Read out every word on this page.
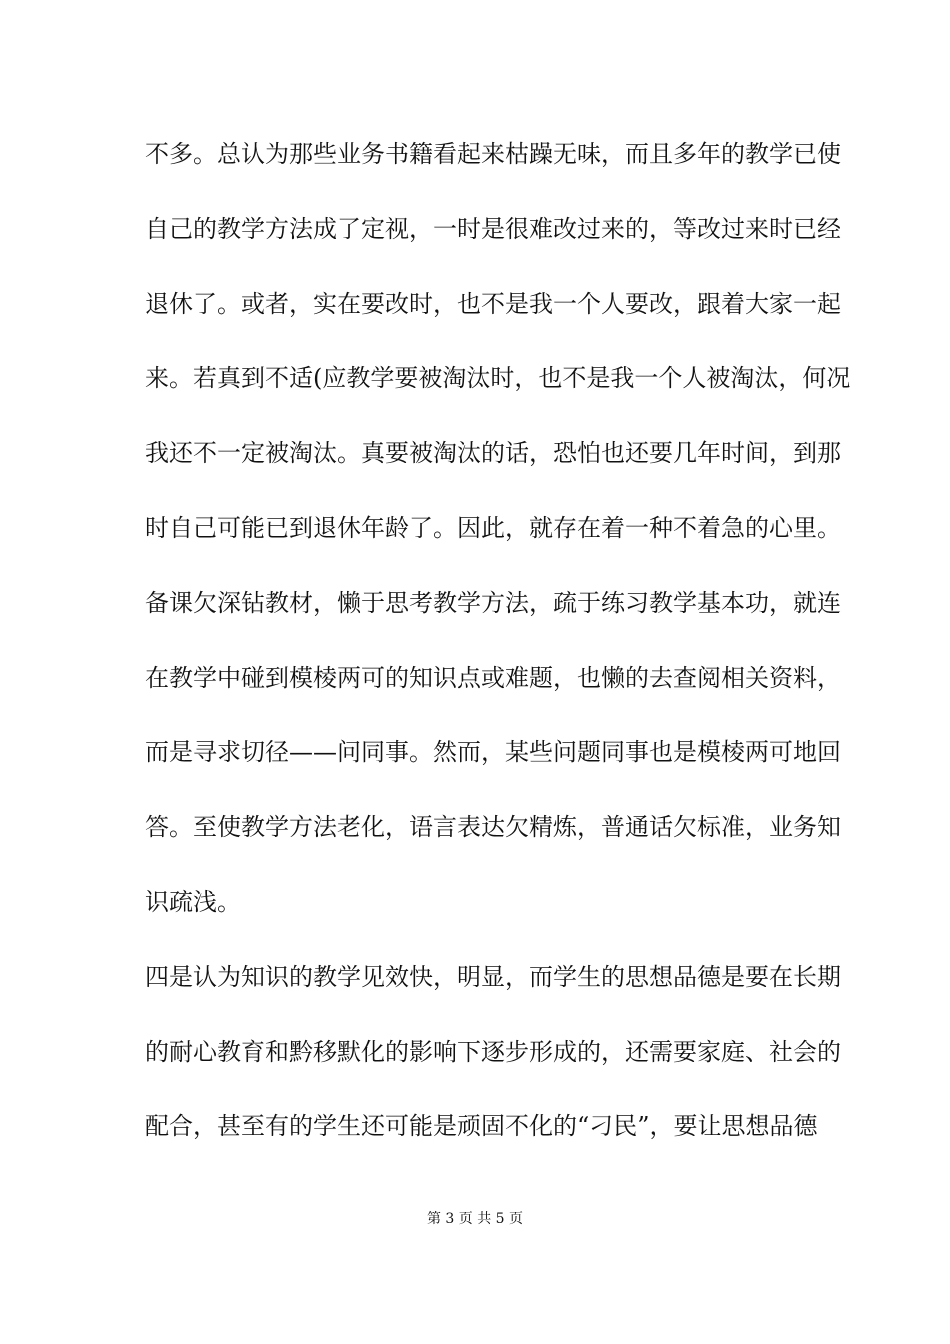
不多。总认为那些业务书籍看起来枯躁无味，而且多年的教学已使
自己的教学方法成了定视，一时是很难改过来的，等改过来时已经
退休了。或者，实在要改时，也不是我一个人要改，跟着大家一起
来。若真到不适(应教学要被淘汰时，也不是我一个人被淘汰，何况
我还不一定被淘汰。真要被淘汰的话，恐怕也还要几年时间，到那
时自己可能已到退休年龄了。因此，就存在着一种不着急的心里。
备课欠深钻教材，懒于思考教学方法，疏于练习教学基本功，就连
在教学中碰到模棱两可的知识点或难题，也懒的去查阅相关资料，
而是寻求切径——问同事。然而，某些问题同事也是模棱两可地回
答。至使教学方法老化，语言表达欠精炼，普通话欠标准，业务知
识疏浅。
四是认为知识的教学见效快，明显，而学生的思想品德是要在长期
的耐心教育和黔移默化的影响下逐步形成的，还需要家庭、社会的
配合，甚至有的学生还可能是顽固不化的“刁民”，要让思想品德
第 3 页 共 5 页
